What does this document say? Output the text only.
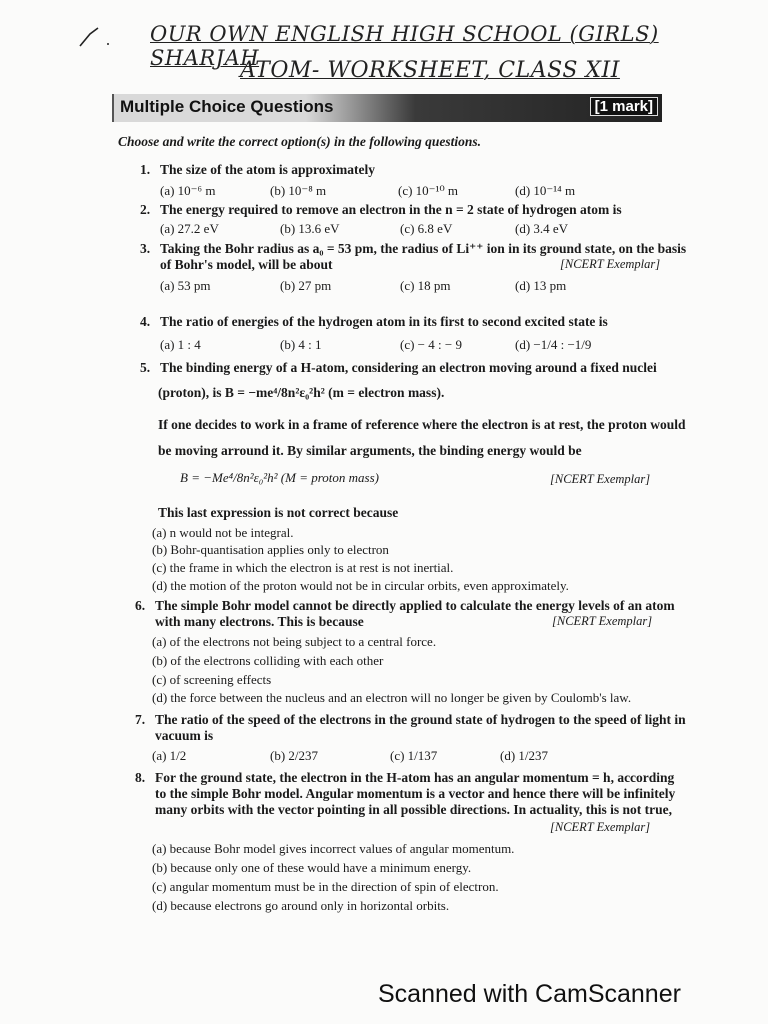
OUR OWN ENGLISH HIGH SCHOOL (GIRLS) SHARJAH
ATOM- WORKSHEET, CLASS XII
Multiple Choice Questions	[1 mark]
Choose and write the correct option(s) in the following questions.
1. The size of the atom is approximately
(a) 10⁻⁶ m	(b) 10⁻⁸ m	(c) 10⁻¹⁰ m	(d) 10⁻¹⁴ m
2. The energy required to remove an electron in the n = 2 state of hydrogen atom is
(a) 27.2 eV	(b) 13.6 eV	(c) 6.8 eV	(d) 3.4 eV
3. Taking the Bohr radius as a₀ = 53 pm, the radius of Li⁺⁺ ion in its ground state, on the basis
of Bohr's model, will be about	[NCERT Exemplar]
(a) 53 pm	(b) 27 pm	(c) 18 pm	(d) 13 pm
4. The ratio of energies of the hydrogen atom in its first to second excited state is
(a) 1 : 4	(b) 4 : 1	(c) − 4 : − 9	(d) −1/4 : −1/9
5. The binding energy of a H-atom, considering an electron moving around a fixed nuclei
(proton), is B = −me⁴/8n²ε₀²h² (m = electron mass).
If one decides to work in a frame of reference where the electron is at rest, the proton would
be moving arround it. By similar arguments, the binding energy would be
B = −Me⁴/8n²ε₀²h² (M = proton mass)	[NCERT Exemplar]
This last expression is not correct because
(a) n would not be integral.
(b) Bohr-quantisation applies only to electron
(c) the frame in which the electron is at rest is not inertial.
(d) the motion of the proton would not be in circular orbits, even approximately.
6. The simple Bohr model cannot be directly applied to calculate the energy levels of an atom
with many electrons. This is because	[NCERT Exemplar]
(a) of the electrons not being subject to a central force.
(b) of the electrons colliding with each other
(c) of screening effects
(d) the force between the nucleus and an electron will no longer be given by Coulomb's law.
7. The ratio of the speed of the electrons in the ground state of hydrogen to the speed of light in
vacuum is
(a) 1/2	(b) 2/237	(c) 1/137	(d) 1/237
8. For the ground state, the electron in the H-atom has an angular momentum = h, according
to the simple Bohr model. Angular momentum is a vector and hence there will be infinitely
many orbits with the vector pointing in all possible directions. In actuality, this is not true,
[NCERT Exemplar]
(a) because Bohr model gives incorrect values of angular momentum.
(b) because only one of these would have a minimum energy.
(c) angular momentum must be in the direction of spin of electron.
(d) because electrons go around only in horizontal orbits.
Scanned with CamScanner
